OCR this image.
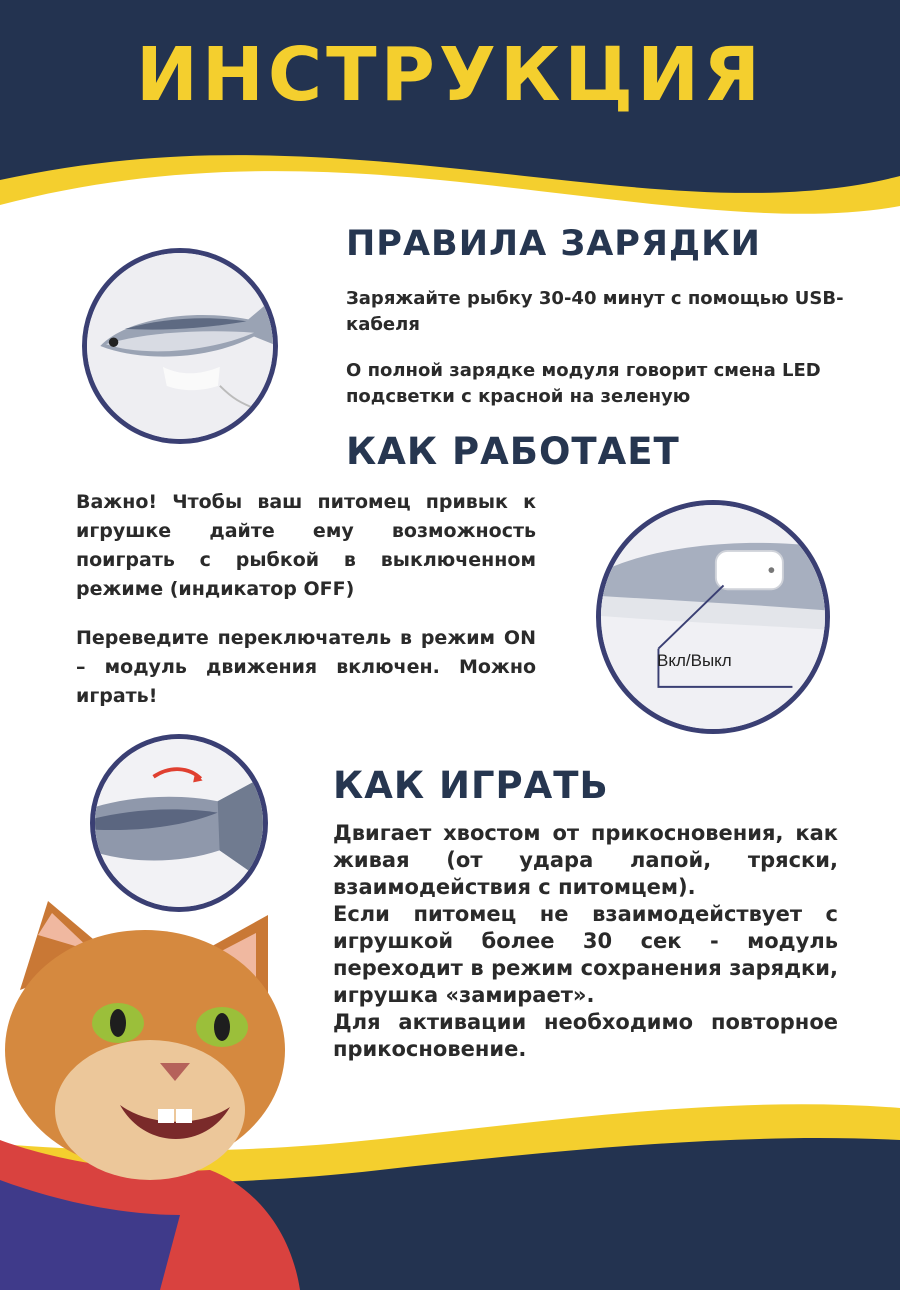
ИНСТРУКЦИЯ
ПРАВИЛА ЗАРЯДКИ
Заряжайте рыбку 30-40 минут с помощью USB-кабеля
О полной зарядке модуля говорит смена LED подсветки с красной на зеленую
КАК РАБОТАЕТ
Важно! Чтобы ваш питомец привык к игрушке дайте ему возможность поиграть с рыбкой в выключенном режиме (индикатор OFF)
Переведите переключатель в режим ON – модуль движения включен. Можно играть!
Вкл/Выкл
КАК ИГРАТЬ
Двигает хвостом от прикосновения, как живая (от удара лапой, тряски, взаимодействия с питомцем).
Если питомец не взаимодействует с игрушкой более 30 сек - модуль переходит в режим сохранения зарядки, игрушка «замирает».
Для активации необходимо повторное прикосновение.
